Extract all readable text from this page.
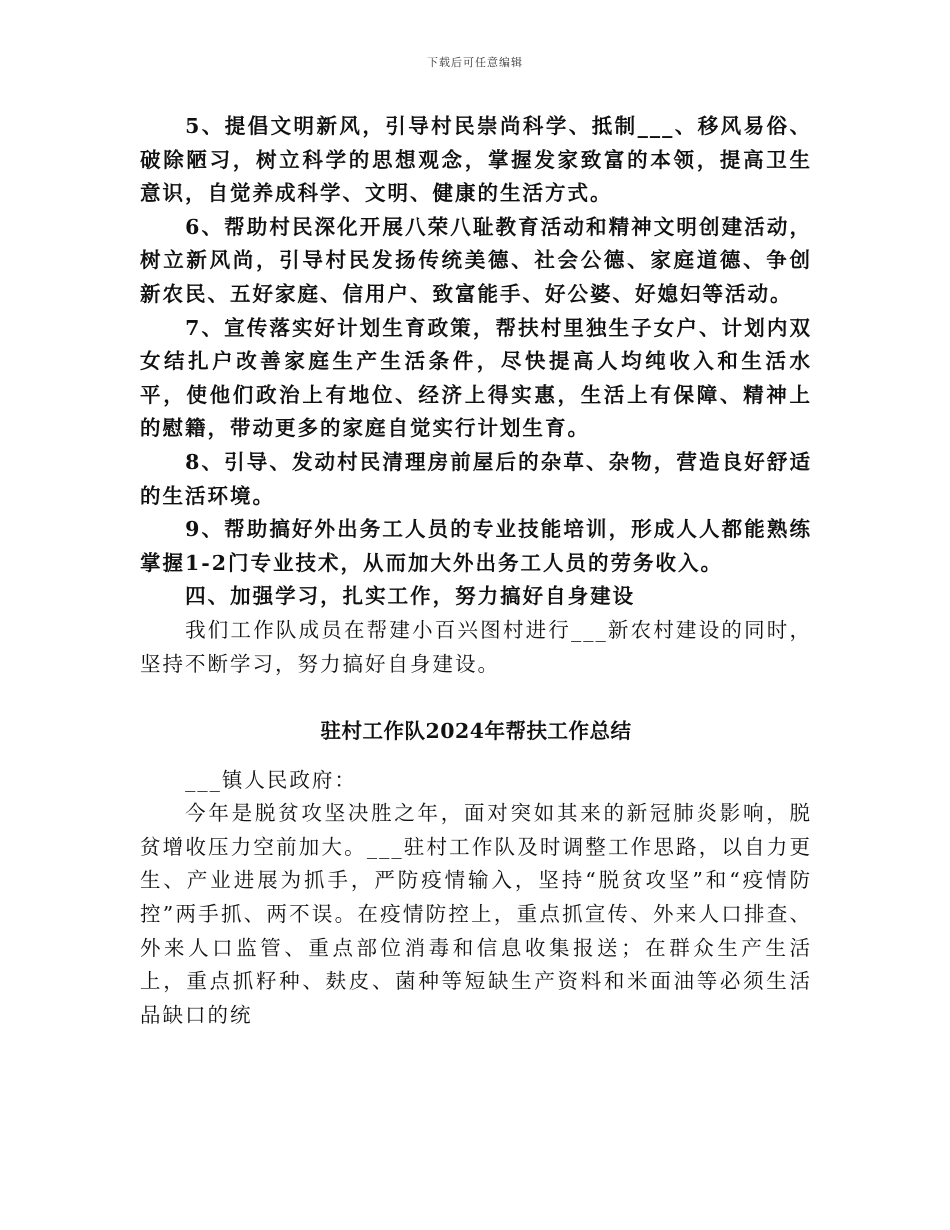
下载后可任意编辑

5、提倡文明新风，引导村民崇尚科学、抵制___、移风易俗、破除陋习，树立科学的思想观念，掌握发家致富的本领，提高卫生意识，自觉养成科学、文明、健康的生活方式。

6、帮助村民深化开展八荣八耻教育活动和精神文明创建活动，树立新风尚，引导村民发扬传统美德、社会公德、家庭道德、争创新农民、五好家庭、信用户、致富能手、好公婆、好媳妇等活动。

7、宣传落实好计划生育政策，帮扶村里独生子女户、计划内双女结扎户改善家庭生产生活条件，尽快提高人均纯收入和生活水平，使他们政治上有地位、经济上得实惠，生活上有保障、精神上的慰籍，带动更多的家庭自觉实行计划生育。

8、引导、发动村民清理房前屋后的杂草、杂物，营造良好舒适的生活环境。

9、帮助搞好外出务工人员的专业技能培训，形成人人都能熟练掌握1-2门专业技术，从而加大外出务工人员的劳务收入。

四、加强学习，扎实工作，努力搞好自身建设

我们工作队成员在帮建小百兴图村进行___新农村建设的同时，坚持不断学习，努力搞好自身建设。

驻村工作队2024年帮扶工作总结

___镇人民政府：

今年是脱贫攻坚决胜之年，面对突如其来的新冠肺炎影响，脱贫增收压力空前加大。___驻村工作队及时调整工作思路，以自力更生、产业进展为抓手，严防疫情输入，坚持“脱贫攻坚”和“疫情防控”两手抓、两不误。在疫情防控上，重点抓宣传、外来人口排查、外来人口监管、重点部位消毒和信息收集报送；在群众生产生活上，重点抓籽种、麸皮、菌种等短缺生产资料和米面油等必须生活品缺口的统
